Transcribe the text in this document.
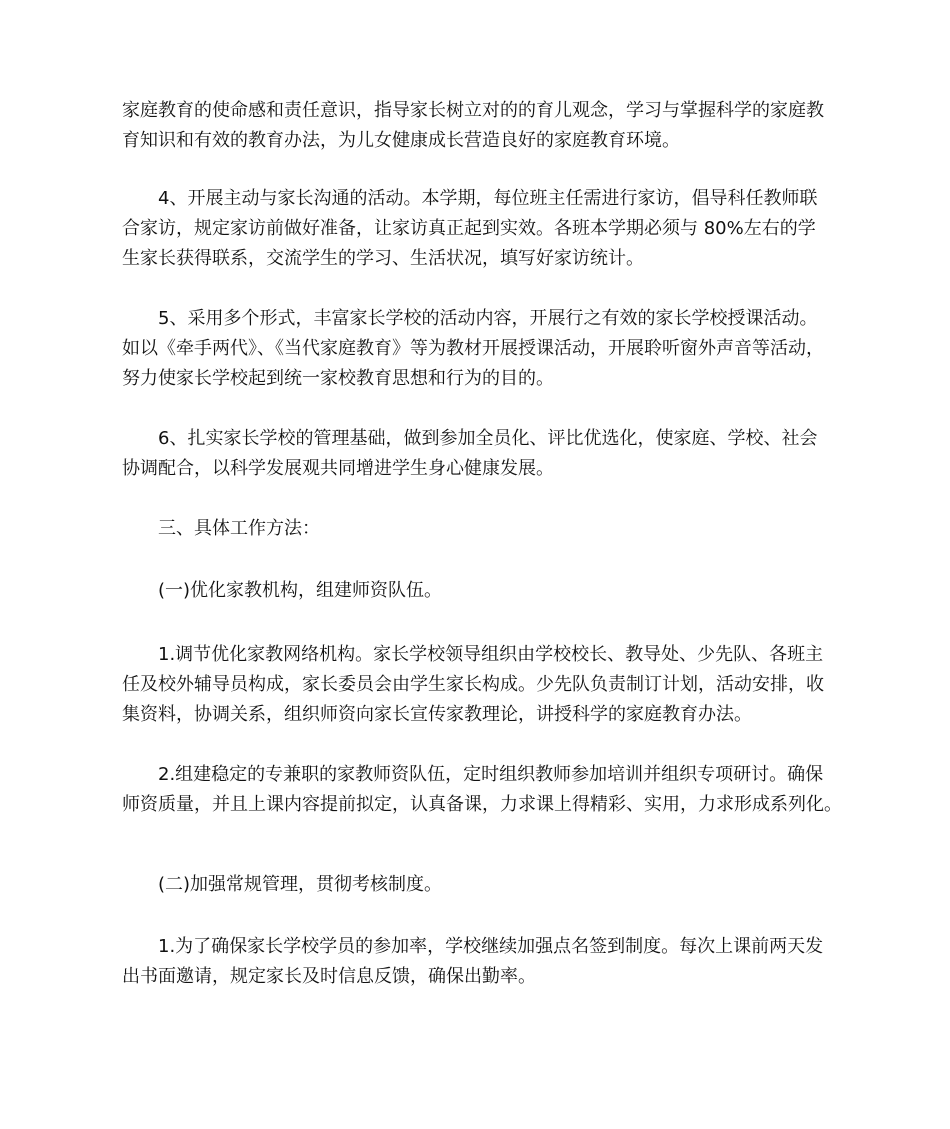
家庭教育的使命感和责任意识，指导家长树立对的的育儿观念，学习与掌握科学的家庭教
育知识和有效的教育办法，为儿女健康成长营造良好的家庭教育环境。
4、开展主动与家长沟通的活动。本学期，每位班主任需进行家访，倡导科任教师联
合家访，规定家访前做好准备，让家访真正起到实效。各班本学期必须与 80%左右的学
生家长获得联系，交流学生的学习、生活状况，填写好家访统计。
5、采用多个形式，丰富家长学校的活动内容，开展行之有效的家长学校授课活动。
如以《牵手两代》、《当代家庭教育》等为教材开展授课活动，开展聆听窗外声音等活动，
努力使家长学校起到统一家校教育思想和行为的目的。
6、扎实家长学校的管理基础，做到参加全员化、评比优选化，使家庭、学校、社会
协调配合，以科学发展观共同增进学生身心健康发展。
三、具体工作方法：
(一)优化家教机构，组建师资队伍。
1.调节优化家教网络机构。家长学校领导组织由学校校长、教导处、少先队、各班主
任及校外辅导员构成，家长委员会由学生家长构成。少先队负责制订计划，活动安排，收
集资料，协调关系，组织师资向家长宣传家教理论，讲授科学的家庭教育办法。
2.组建稳定的专兼职的家教师资队伍，定时组织教师参加培训并组织专项研讨。确保
师资质量，并且上课内容提前拟定，认真备课，力求课上得精彩、实用，力求形成系列化。
(二)加强常规管理，贯彻考核制度。
1.为了确保家长学校学员的参加率，学校继续加强点名签到制度。每次上课前两天发
出书面邀请，规定家长及时信息反馈，确保出勤率。
